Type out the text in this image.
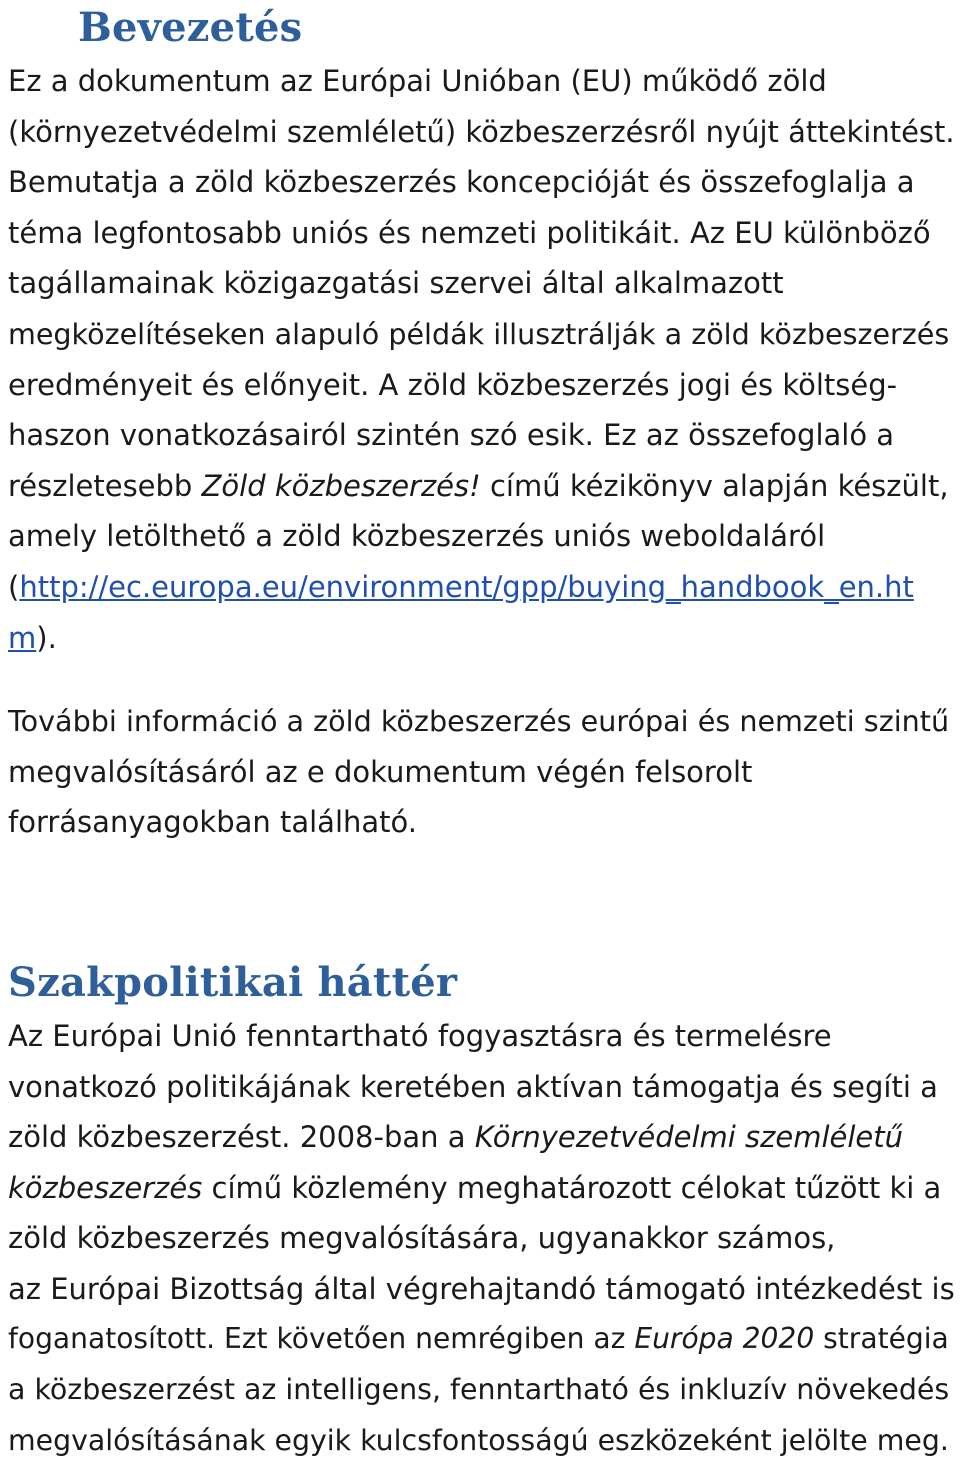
Bevezetés

Ez a dokumentum az Európai Unióban (EU) működő zöld
(környezetvédelmi szemléletű) közbeszerzésről nyújt áttekintést.
Bemutatja a zöld közbeszerzés koncepcióját és összefoglalja a
téma legfontosabb uniós és nemzeti politikáit. Az EU különböző
tagállamainak közigazgatási szervei által alkalmazott
megközelítéseken alapuló példák illusztrálják a zöld közbeszerzés
eredményeit és előnyeit. A zöld közbeszerzés jogi és költség-
haszon vonatkozásairól szintén szó esik. Ez az összefoglaló a
részletesebb Zöld közbeszerzés! című kézikönyv alapján készült,
amely letölthető a zöld közbeszerzés uniós weboldaláról
(http://ec.europa.eu/environment/gpp/buying_handbook_en.ht
m).

További információ a zöld közbeszerzés európai és nemzeti szintű
megvalósításáról az e dokumentum végén felsorolt
forrásanyagokban található.

Szakpolitikai háttér

Az Európai Unió fenntartható fogyasztásra és termelésre
vonatkozó politikájának keretében aktívan támogatja és segíti a
zöld közbeszerzést. 2008-ban a Környezetvédelmi szemléletű
közbeszerzés című közlemény meghatározott célokat tűzött ki a
zöld közbeszerzés megvalósítására, ugyanakkor számos,
az Európai Bizottság által végrehajtandó támogató intézkedést is
foganatosított. Ezt követően nemrégiben az Európa 2020 stratégia
a közbeszerzést az intelligens, fenntartható és inkluzív növekedés
megvalósításának egyik kulcsfontosságú eszközeként jelölte meg.
